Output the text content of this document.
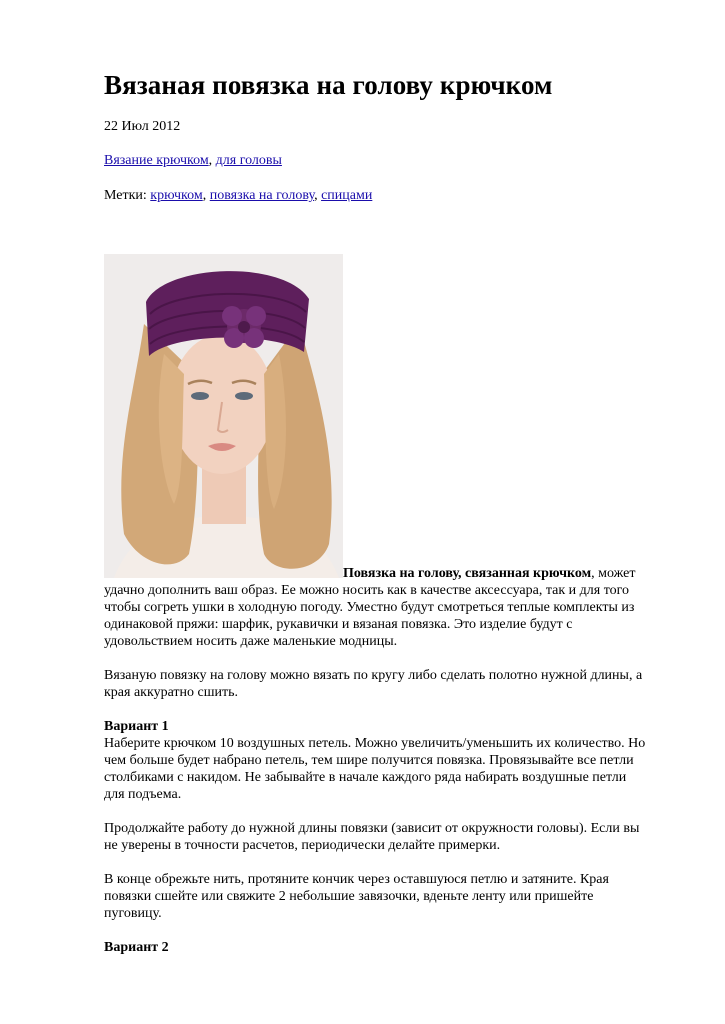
Вязаная повязка на голову крючком
22 Июл 2012
Вязание крючком, для головы
Метки: крючком, повязка на голову, спицами

Повязка на голову, связанная крючком, может

удачно дополнить ваш образ. Ее можно носить как в качестве аксессуара, так и для того

чтобы согреть ушки в холодную погоду. Уместно будут смотреться теплые комплекты из

одинаковой пряжи: шарфик, рукавички и вязаная повязка. Это изделие будут с

удовольствием носить даже маленькие модницы.

Вязаную повязку на голову можно вязать по кругу либо сделать полотно нужной длины, а

края аккуратно сшить.

Вариант 1

Наберите крючком 10 воздушных петель. Можно увеличить/уменьшить их количество. Но

чем больше будет набрано петель, тем шире получится повязка. Провязывайте все петли

столбиками с накидом. Не забывайте в начале каждого ряда набирать воздушные петли

для подъема.

Продолжайте работу до нужной длины повязки (зависит от окружности головы). Если вы

не уверены в точности расчетов, периодически делайте примерки.

В конце обрежьте нить, протяните кончик через оставшуюся петлю и затяните. Края

повязки сшейте или свяжите 2 небольшие завязочки, вденьте ленту или пришейте

пуговицу.

Вариант 2
